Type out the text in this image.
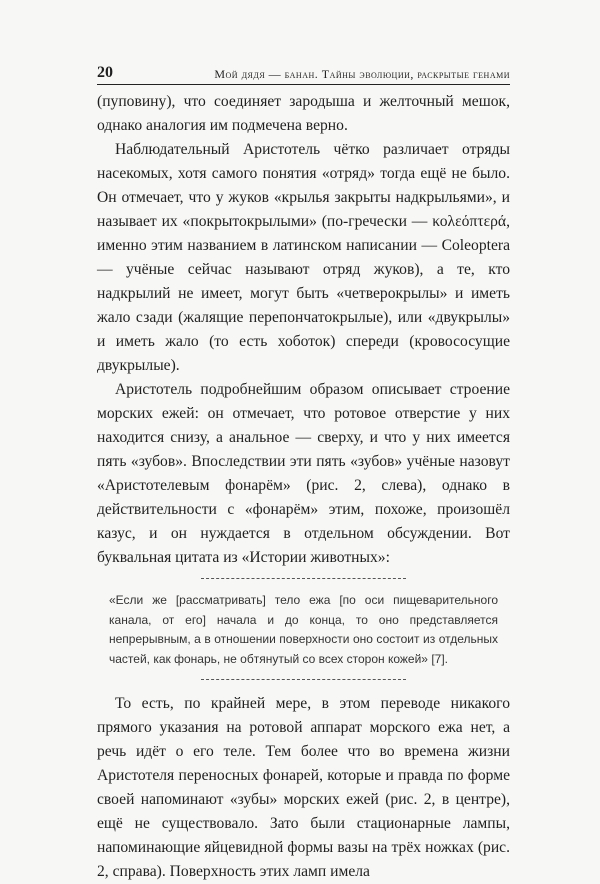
20	Мой дядя — банан. Тайны эволюции, раскрытые генами

(пуповину), что соединяет зародыша и желточный мешок, однако аналогия им подмечена верно.

Наблюдательный Аристотель чётко различает отряды насекомых, хотя самого понятия «отряд» тогда ещё не было. Он отмечает, что у жуков «крылья закрыты надкрыльями», и называет их «покрытокрылыми» (по-гречески — κολεόπτερά, именно этим названием в латинском написании — Coleoptera — учёные сейчас называют отряд жуков), а те, кто надкрылий не имеет, могут быть «четверокрылы» и иметь жало сзади (жалящие перепончатокрылые), или «двукрылы» и иметь жало (то есть хоботок) спереди (кровососущие двукрылые).

Аристотель подробнейшим образом описывает строение морских ежей: он отмечает, что ротовое отверстие у них находится снизу, а анальное — сверху, и что у них имеется пять «зубов». Впоследствии эти пять «зубов» учёные назовут «Аристотелевым фонарём» (рис. 2, слева), однако в действительности с «фонарём» этим, похоже, произошёл казус, и он нуждается в отдельном обсуждении. Вот буквальная цитата из «Истории животных»:

«Если же [рассматривать] тело ежа [по оси пищеварительного канала, от его] начала и до конца, то оно представляется непрерывным, а в отношении поверхности оно состоит из отдельных частей, как фонарь, не обтянутый со всех сторон кожей» [7].

То есть, по крайней мере, в этом переводе никакого прямого указания на ротовой аппарат морского ежа нет, а речь идёт о его теле. Тем более что во времена жизни Аристотеля переносных фонарей, которые и правда по форме своей напоминают «зубы» морских ежей (рис. 2, в центре), ещё не существовало. Зато были стационарные лампы, напоминающие яйцевидной формы вазы на трёх ножках (рис. 2, справа). Поверхность этих ламп имела
